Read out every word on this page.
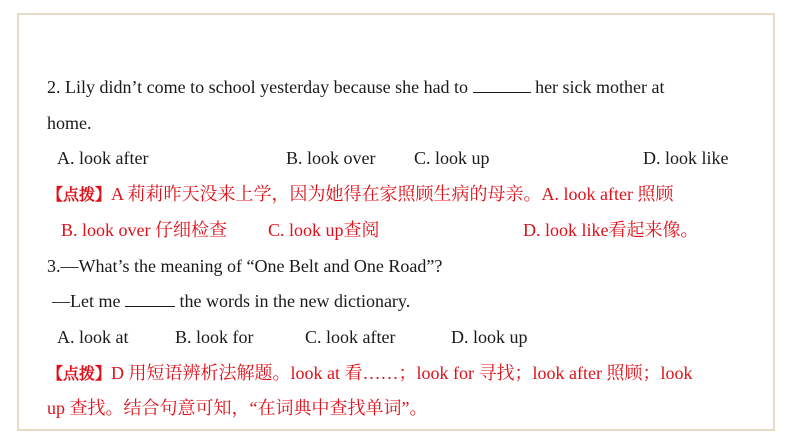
2. Lily didn’t come to school yesterday because she had to	her sick mother at
home.
A. look after	B. look over C. look up	D. look like
【点拨】A 莉莉昨天没来上学，因为她得在家照顾生病的母亲。A. look after 照顾
B. look over 仔细检查 C. look up查阅	D. look like看起来像。
3.—What’s the meaning of “One Belt and One Road”?
—Let me	the words in the new dictionary.
A. look at	B. look for	C. look after	D. look up
【点拨】D 用短语辨析法解题。look at 看……；look for 寻找；look after 照顾；look
up 查找。结合句意可知，“在词典中查找单词”。
